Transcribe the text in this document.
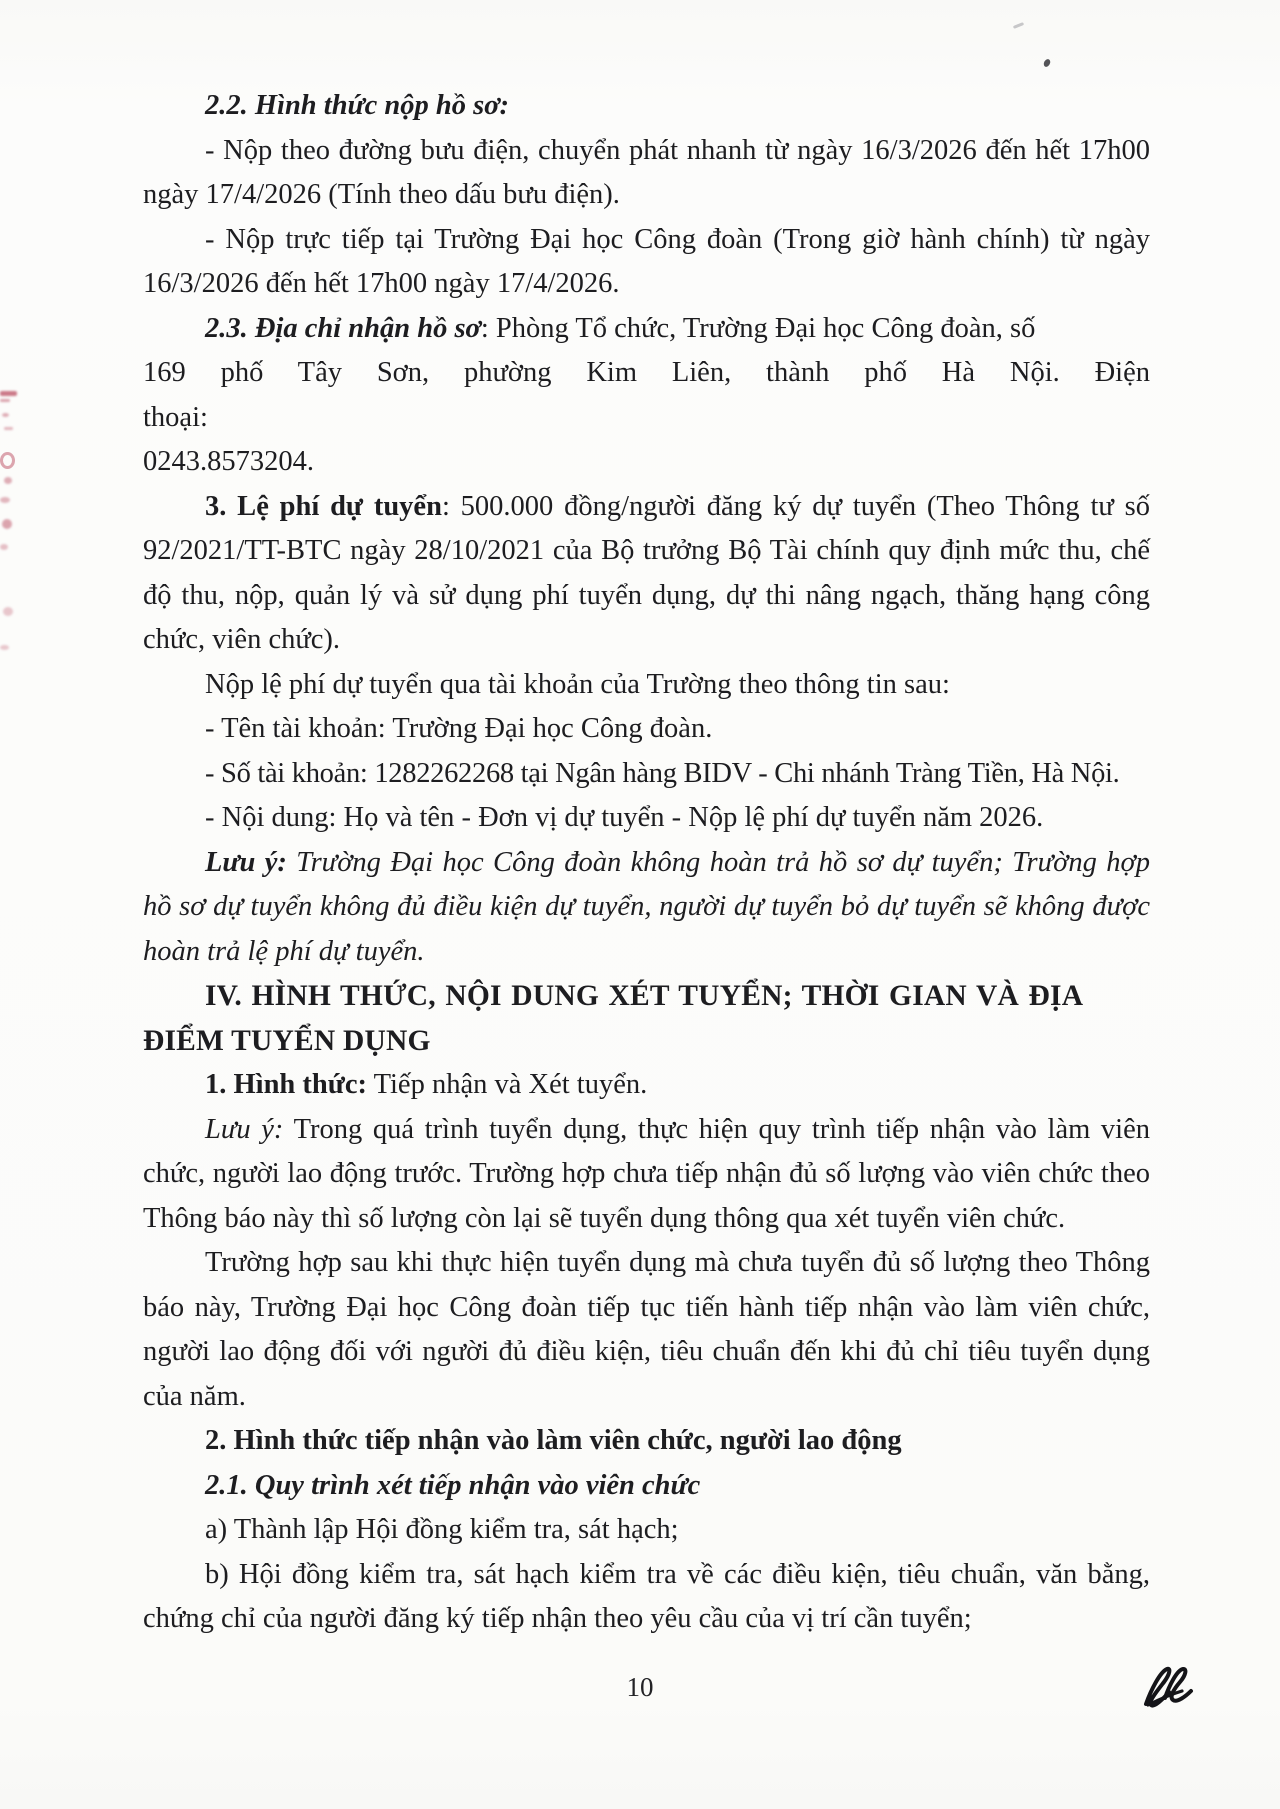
2.2. Hình thức nộp hồ sơ:

- Nộp theo đường bưu điện, chuyển phát nhanh từ ngày 16/3/2026 đến hết 17h00 ngày 17/4/2026 (Tính theo dấu bưu điện).

- Nộp trực tiếp tại Trường Đại học Công đoàn (Trong giờ hành chính) từ ngày 16/3/2026 đến hết 17h00 ngày 17/4/2026.

2.3. Địa chỉ nhận hồ sơ: Phòng Tổ chức, Trường Đại học Công đoàn, số
169 phố Tây Sơn, phường Kim Liên, thành phố Hà Nội. Điện thoại:
0243.8573204.

3. Lệ phí dự tuyển: 500.000 đồng/người đăng ký dự tuyển (Theo Thông tư số 92/2021/TT-BTC ngày 28/10/2021 của Bộ trưởng Bộ Tài chính quy định mức thu, chế độ thu, nộp, quản lý và sử dụng phí tuyển dụng, dự thi nâng ngạch, thăng hạng công chức, viên chức).

Nộp lệ phí dự tuyển qua tài khoản của Trường theo thông tin sau:

- Tên tài khoản: Trường Đại học Công đoàn.

- Số tài khoản: 1282262268 tại Ngân hàng BIDV - Chi nhánh Tràng Tiền, Hà Nội.

- Nội dung: Họ và tên - Đơn vị dự tuyển - Nộp lệ phí dự tuyển năm 2026.

Lưu ý: Trường Đại học Công đoàn không hoàn trả hồ sơ dự tuyển; Trường hợp hồ sơ dự tuyển không đủ điều kiện dự tuyển, người dự tuyển bỏ dự tuyển sẽ không được hoàn trả lệ phí dự tuyển.

IV. HÌNH THỨC, NỘI DUNG XÉT TUYỂN; THỜI GIAN VÀ ĐỊA

ĐIỂM TUYỂN DỤNG

1. Hình thức: Tiếp nhận và Xét tuyển.

Lưu ý: Trong quá trình tuyển dụng, thực hiện quy trình tiếp nhận vào làm viên chức, người lao động trước. Trường hợp chưa tiếp nhận đủ số lượng vào viên chức theo Thông báo này thì số lượng còn lại sẽ tuyển dụng thông qua xét tuyển viên chức.

Trường hợp sau khi thực hiện tuyển dụng mà chưa tuyển đủ số lượng theo Thông báo này, Trường Đại học Công đoàn tiếp tục tiến hành tiếp nhận vào làm viên chức, người lao động đối với người đủ điều kiện, tiêu chuẩn đến khi đủ chỉ tiêu tuyển dụng của năm.

2. Hình thức tiếp nhận vào làm viên chức, người lao động

2.1. Quy trình xét tiếp nhận vào viên chức

a) Thành lập Hội đồng kiểm tra, sát hạch;

b) Hội đồng kiểm tra, sát hạch kiểm tra về các điều kiện, tiêu chuẩn, văn bằng, chứng chỉ của người đăng ký tiếp nhận theo yêu cầu của vị trí cần tuyển;

10
